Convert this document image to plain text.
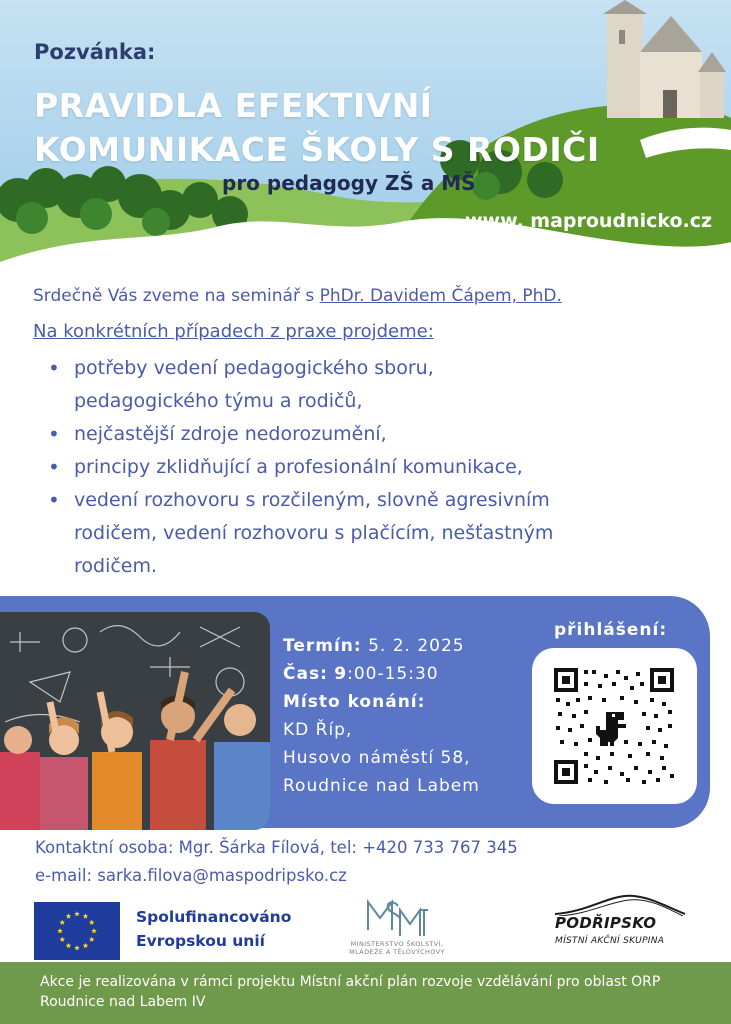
Pozvánka:
PRAVIDLA EFEKTIVNÍ
KOMUNIKACE ŠKOLY S RODIČI
pro pedagogy ZŠ a MŠ
www. maproudnicko.cz
Srdečně Vás zveme na seminář s PhDr. Davidem Čápem, PhD.
Na konkrétních případech z praxe projdeme:
• potřeby vedení pedagogického sboru,
pedagogického týmu a rodičů,
• nejčastější zdroje nedorozumění,
• principy zklidňující a profesionální komunikace,
• vedení rozhovoru s rozčileným, slovně agresivním
rodičem, vedení rozhovoru s plačícím, nešťastným
rodičem.
Termín: 5. 2. 2025
Čas: 9:00-15:30
Místo konání:
KD Říp,
Husovo náměstí 58,
Roudnice nad Labem
přihlášení:
Kontaktní osoba: Mgr. Šárka Fílová, tel: +420 733 767 345
e-mail: sarka.filova@maspodripsko.cz
Spolufinancováno
Evropskou unií	MINISTERSTVO ŠKOLSTVÍ,
MLÁDEŽE A TĚLOVÝCHOVY
PODŘIPSKO
MÍSTNÍ AKČNÍ SKUPINA
Akce je realizována v rámci projektu Místní akční plán rozvoje vzdělávání pro oblast ORP Roudnice nad Labem IV
